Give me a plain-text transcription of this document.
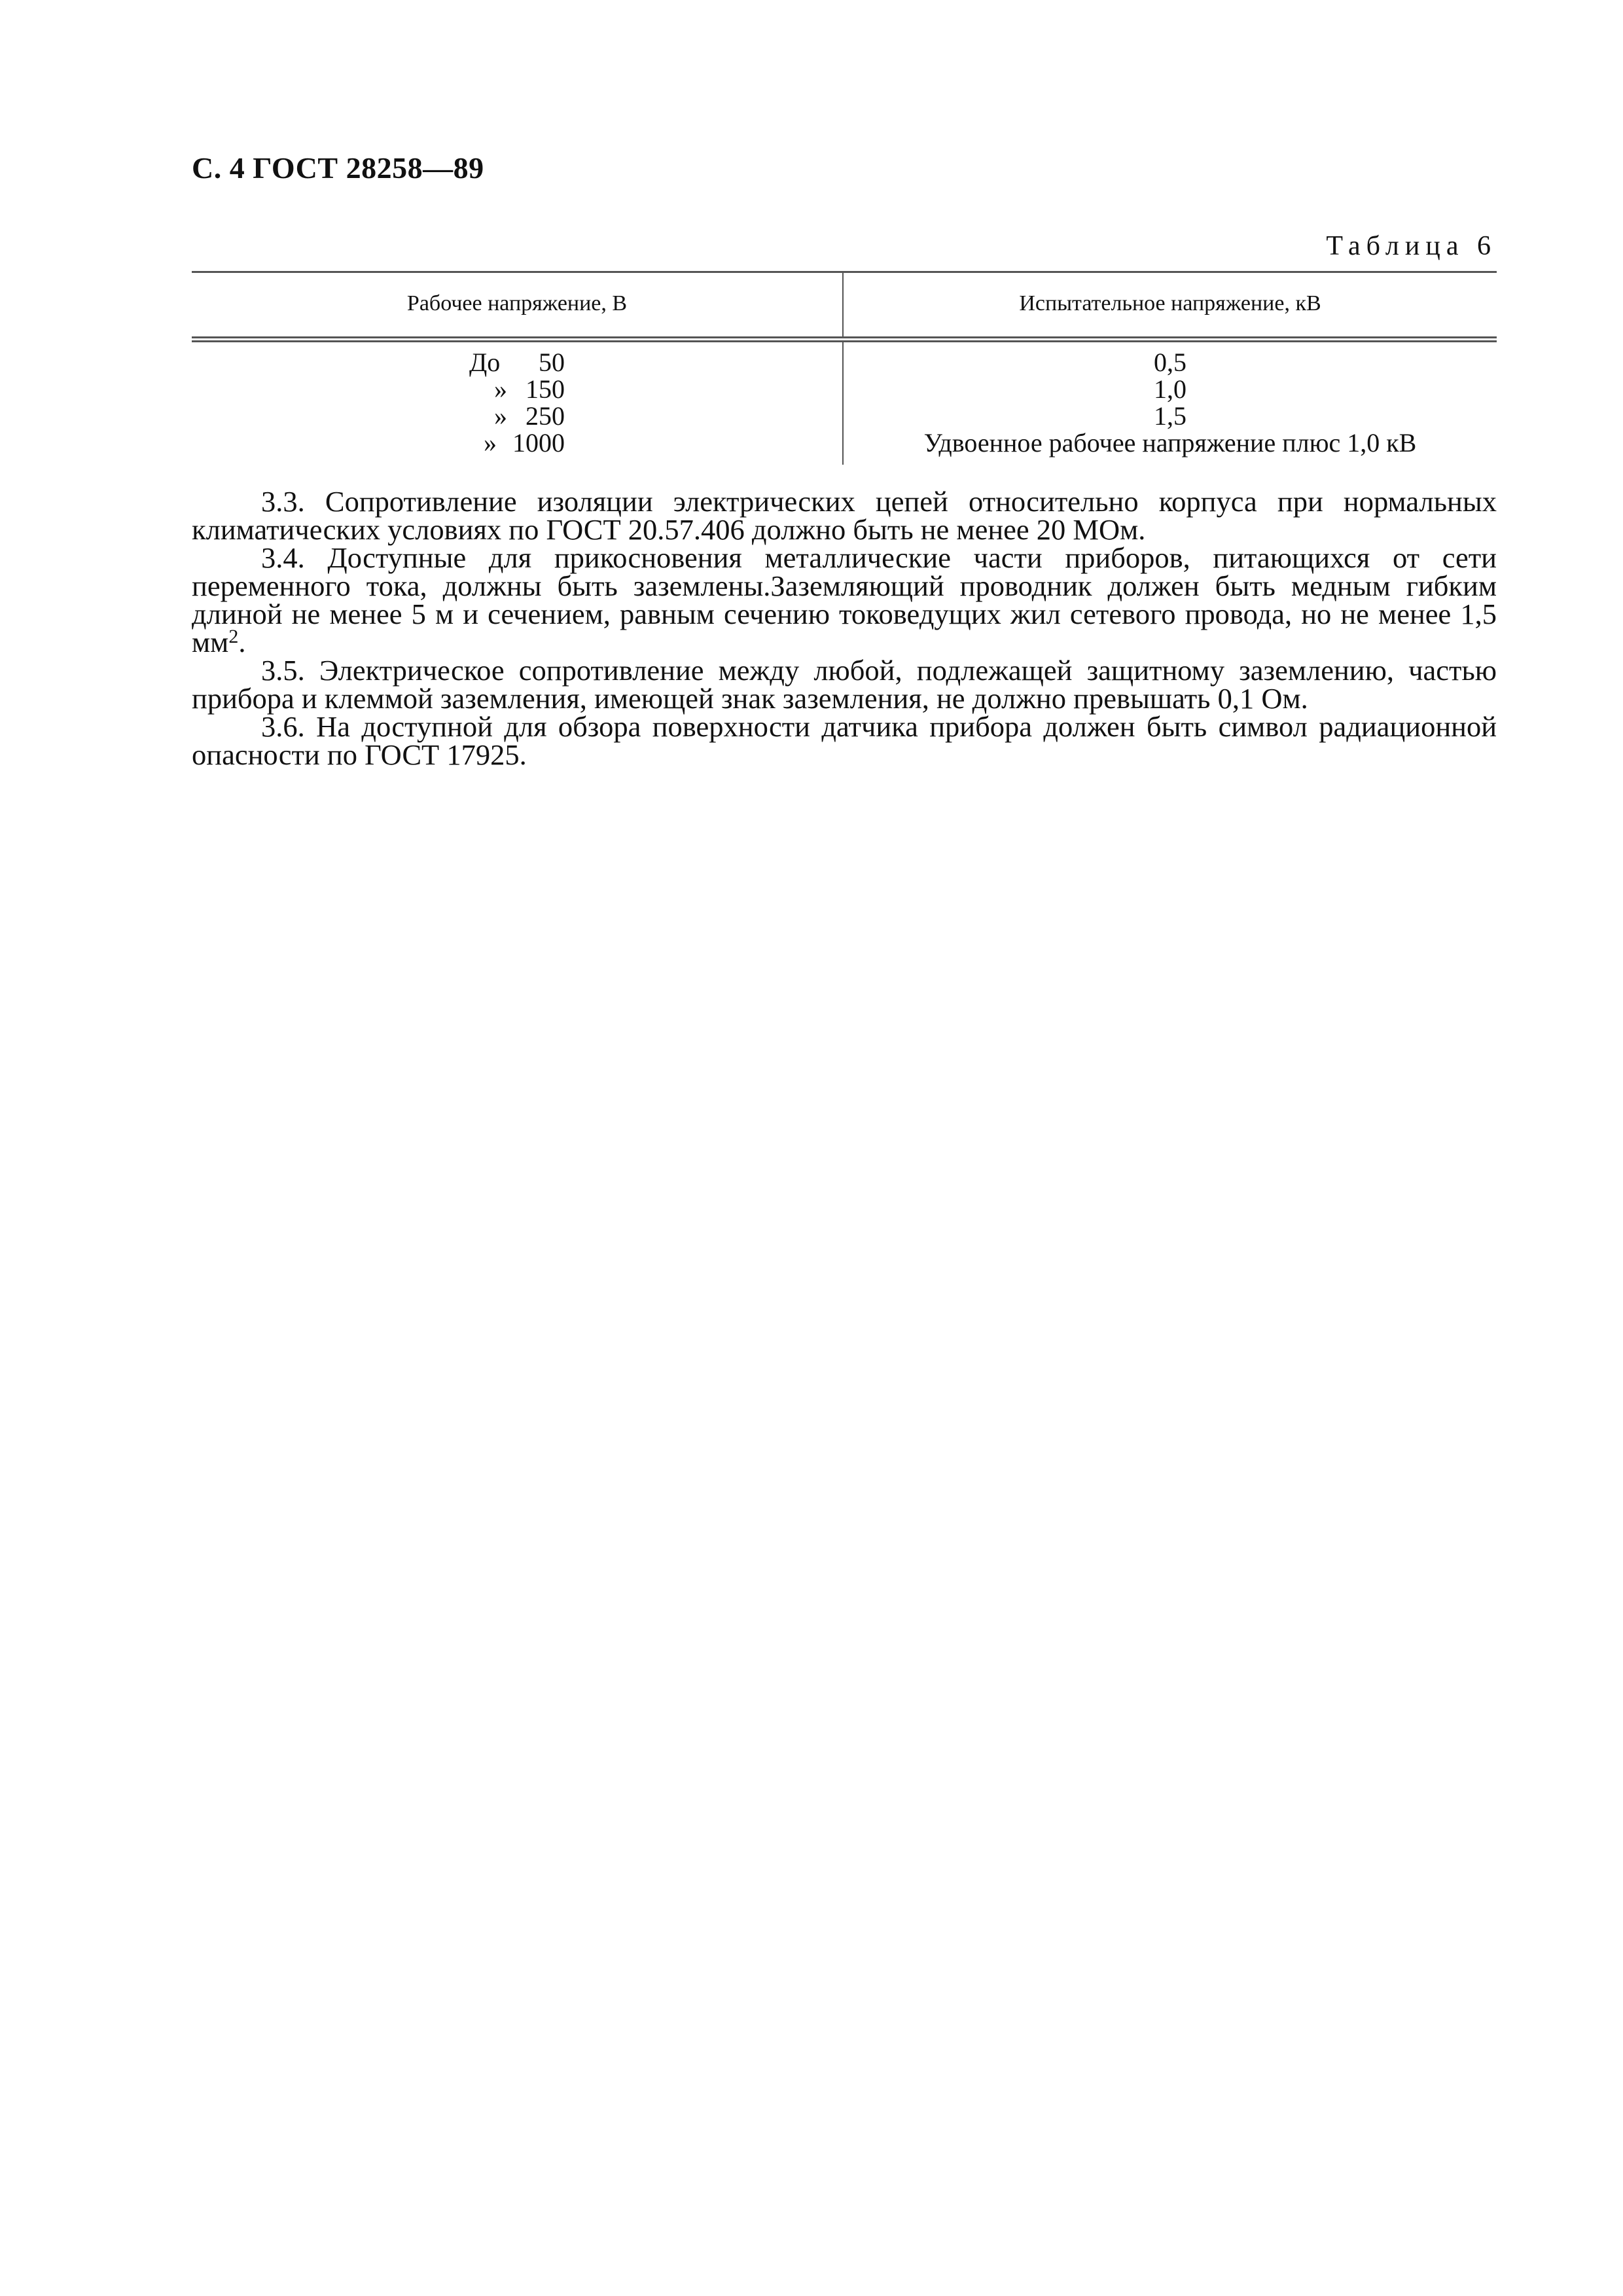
С. 4 ГОСТ 28258—89
Таблица 6
Рабочее напряжение, В	Испытательное напряжение, кВ
До 50
» 150
» 250
» 1000
0,5
1,0
1,5
Удвоенное рабочее напряжение плюс 1,0 кВ

3.3. Сопротивление изоляции электрических цепей относительно корпуса при нормальных климатических условиях по ГОСТ 20.57.406 должно быть не менее 20 МОм.

3.4. Доступные для прикосновения металлические части приборов, питающихся от сети переменного тока, должны быть заземлены.Заземляющий проводник должен быть медным гибким длиной не менее 5 м и сечением, равным сечению токоведущих жил сетевого провода, но не менее 1,5 $мм^2$.

3.5. Электрическое сопротивление между любой, подлежащей защитному заземлению, частью прибора и клеммой заземления, имеющей знак заземления, не должно превышать 0,1 Ом.

3.6. На доступной для обзора поверхности датчика прибора должен быть символ радиационной опасности по ГОСТ 17925.
